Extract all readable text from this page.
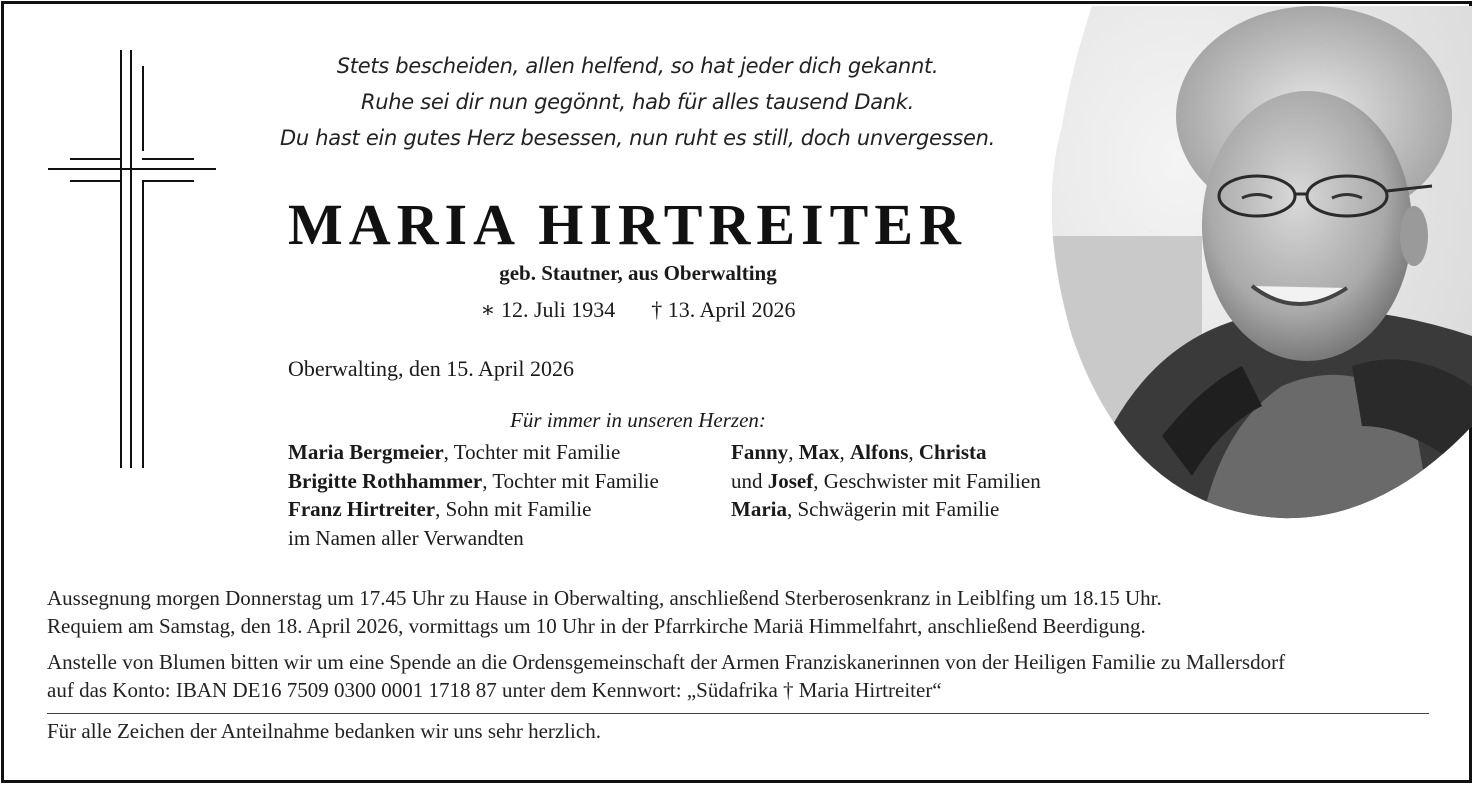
Stets bescheiden, allen helfend, so hat jeder dich gekannt.
Ruhe sei dir nun gegönnt, hab für alles tausend Dank.
Du hast ein gutes Herz besessen, nun ruht es still, doch unvergessen.
MARIA HIRTREITER
geb. Stautner, aus Oberwalting
∗ 12. Juli 1934 † 13. April 2026
Oberwalting, den 15. April 2026
Für immer in unseren Herzen:
Maria Bergmeier, Tochter mit Familie
Brigitte Rothhammer, Tochter mit Familie
Franz Hirtreiter, Sohn mit Familie
im Namen aller Verwandten
Fanny, Max, Alfons, Christa
und Josef, Geschwister mit Familien
Maria, Schwägerin mit Familie
Aussegnung morgen Donnerstag um 17.45 Uhr zu Hause in Oberwalting, anschließend Sterberosenkranz in Leiblfing um 18.15 Uhr.
Requiem am Samstag, den 18. April 2026, vormittags um 10 Uhr in der Pfarrkirche Mariä Himmelfahrt, anschließend Beerdigung.
Anstelle von Blumen bitten wir um eine Spende an die Ordensgemeinschaft der Armen Franziskanerinnen von der Heiligen Familie zu Mallersdorf
auf das Konto: IBAN DE16 7509 0300 0001 1718 87 unter dem Kennwort: „Südafrika † Maria Hirtreiter“
Für alle Zeichen der Anteilnahme bedanken wir uns sehr herzlich.
